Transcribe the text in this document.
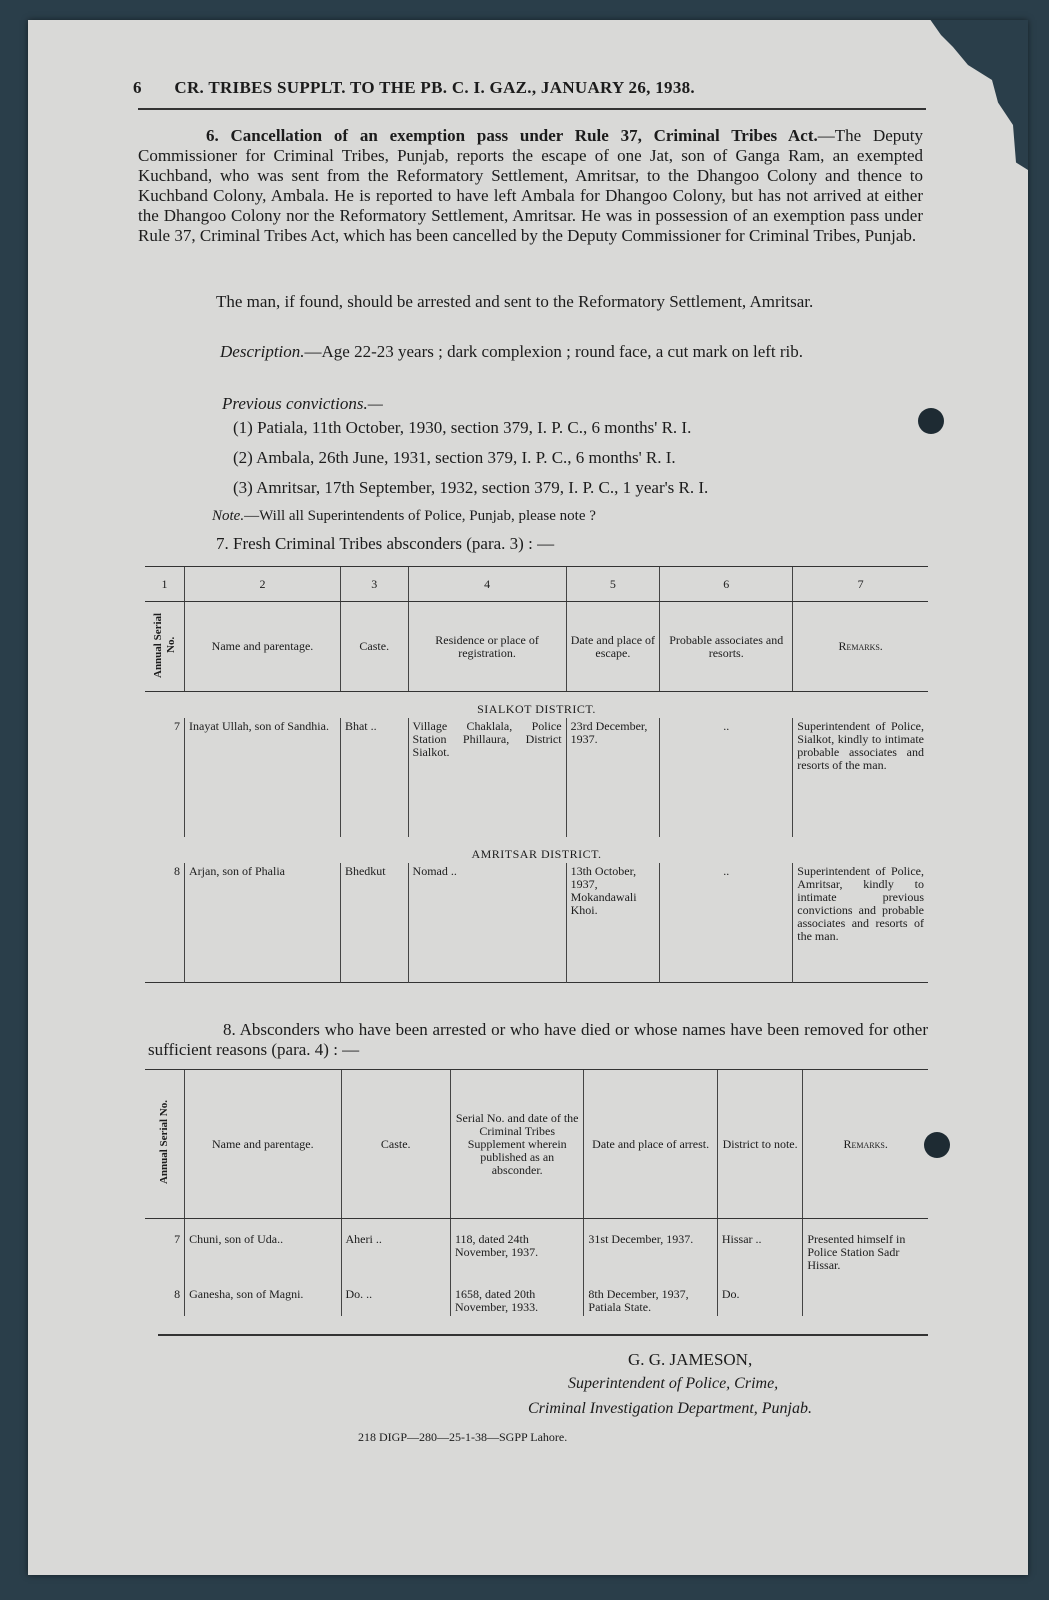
6 CR. TRIBES SUPPLT. TO THE PB. C. I. GAZ., JANUARY 26, 1938.
6. Cancellation of an exemption pass under Rule 37, Criminal Tribes Act.—The Deputy Commissioner for Criminal Tribes, Punjab, reports the escape of one Jat, son of Ganga Ram, an exempted Kuchband, who was sent from the Reformatory Settlement, Amritsar, to the Dhangoo Colony and thence to Kuchband Colony, Ambala. He is reported to have left Ambala for Dhangoo Colony, but has not arrived at either the Dhangoo Colony nor the Reformatory Settlement, Amritsar. He was in possession of an exemption pass under Rule 37, Criminal Tribes Act, which has been cancelled by the Deputy Commissioner for Criminal Tribes, Punjab.
The man, if found, should be arrested and sent to the Reformatory Settlement, Amritsar.
Description.—Age 22-23 years ; dark complexion ; round face, a cut mark on left rib.
Previous convictions.—
(1) Patiala, 11th October, 1930, section 379, I. P. C., 6 months' R. I.
(2) Ambala, 26th June, 1931, section 379, I. P. C., 6 months' R. I.
(3) Amritsar, 17th September, 1932, section 379, I. P. C., 1 year's R. I.
Note.—Will all Superintendents of Police, Punjab, please note ?
7. Fresh Criminal Tribes absconders (para. 3) : —
1	2	3	4	5	6	7
Annual Serial No.	Name and parentage.	Caste.	Residence or place of registration.	Date and place of escape.	Probable associates and resorts.	Remarks.
SIALKOT DISTRICT.						
7	Inayat Ullah, son of Sandhia.	Bhat ..	Village Chaklala, Police Station Phillaura, District Sialkot.	23rd December, 1937.	..	Superintendent of Police, Sialkot, kindly to intimate probable associates and resorts of the man.
AMRITSAR DISTRICT.						
8	Arjan, son of Phalia	Bhedkut	Nomad ..	13th October, 1937, Mokandawali Khoi.	..	Superintendent of Police, Amritsar, kindly to intimate previous convictions and probable associates and resorts of the man.
8. Absconders who have been arrested or who have died or whose names have been removed for other sufficient reasons (para. 4) : —
Annual Serial No.	Name and parentage.	Caste.	Serial No. and date of the Criminal Tribes Supplement wherein published as an absconder.	Date and place of arrest.	District to note.	Remarks.
7	Chuni, son of Uda..	Aheri ..	118, dated 24th November, 1937.	31st December, 1937.	Hissar ..	Presented himself in Police Station Sadr Hissar.
8	Ganesha, son of Magni.	Do. ..	1658, dated 20th November, 1933.	8th December, 1937, Patiala State.	Do.	
G. G. JAMESON,
Superintendent of Police, Crime,
Criminal Investigation Department, Punjab.
218 DIGP—280—25-1-38—SGPP Lahore.
